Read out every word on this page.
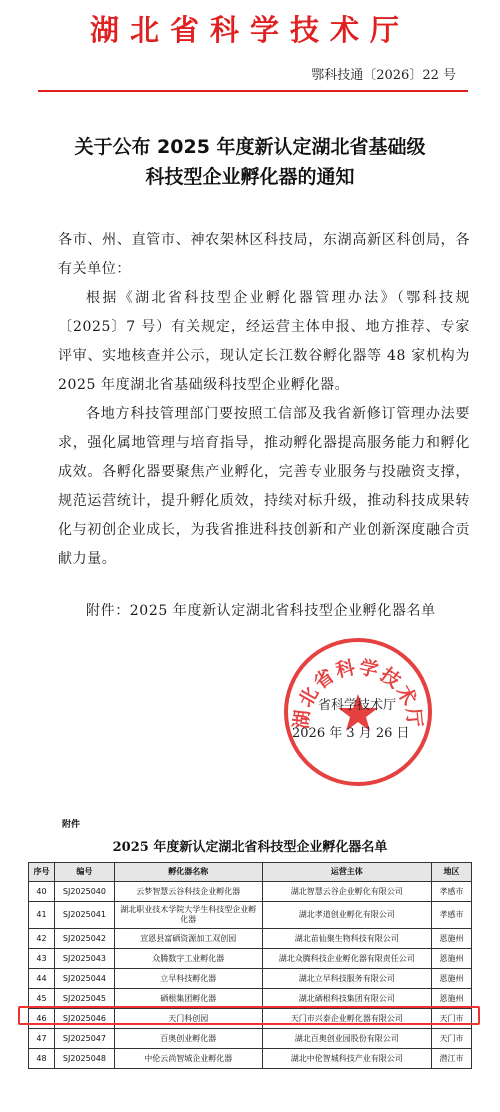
湖北省科学技术厅
鄂科技通〔2026〕22 号
关于公布 2025 年度新认定湖北省基础级
科技型企业孵化器的通知

各市、州、直管市、神农架林区科技局，东湖高新区科创局，各有关单位：

根据《湖北省科技型企业孵化器管理办法》（鄂科技规〔2025〕7 号）有关规定，经运营主体申报、地方推荐、专家评审、实地核查并公示，现认定长江数谷孵化器等 48 家机构为 2025 年度湖北省基础级科技型企业孵化器。

各地方科技管理部门要按照工信部及我省新修订管理办法要求，强化属地管理与培育指导，推动孵化器提高服务能力和孵化成效。各孵化器要聚焦产业孵化，完善专业服务与投融资支撑，规范运营统计，提升孵化质效，持续对标升级，推动科技成果转化与初创企业成长，为我省推进科技创新和产业创新深度融合贡献力量。

附件：2025 年度新认定湖北省科技型企业孵化器名单
湖北省科学技术厅
省科学技术厅
2026 年 3 月 26 日
附件
2025 年度新认定湖北省科技型企业孵化器名单
序号	编号	孵化器名称	运营主体	地区
40	SJ2025040	云梦智慧云谷科技企业孵化器	湖北智慧云谷企业孵化有限公司	孝感市
41	SJ2025041	湖北职业技术学院大学生科技型企业孵化器	湖北孝道创业孵化有限公司	孝感市
42	SJ2025042	宣恩县富硒资源加工双创园	湖北苗仙聚生物科技有限公司	恩施州
43	SJ2025043	众腾数字工业孵化器	湖北众腾科技企业孵化器有限责任公司	恩施州
44	SJ2025044	立早科技孵化器	湖北立早科技服务有限公司	恩施州
45	SJ2025045	硒根集团孵化器	湖北硒根科技集团有限公司	恩施州
46	SJ2025046	天门科创园	天门市兴泰企业孵化器有限公司	天门市
47	SJ2025047	百奥创业孵化器	湖北百奥创业园股份有限公司	天门市
48	SJ2025048	中伦云尚智城企业孵化器	湖北中伦智城科技产业有限公司	潜江市
